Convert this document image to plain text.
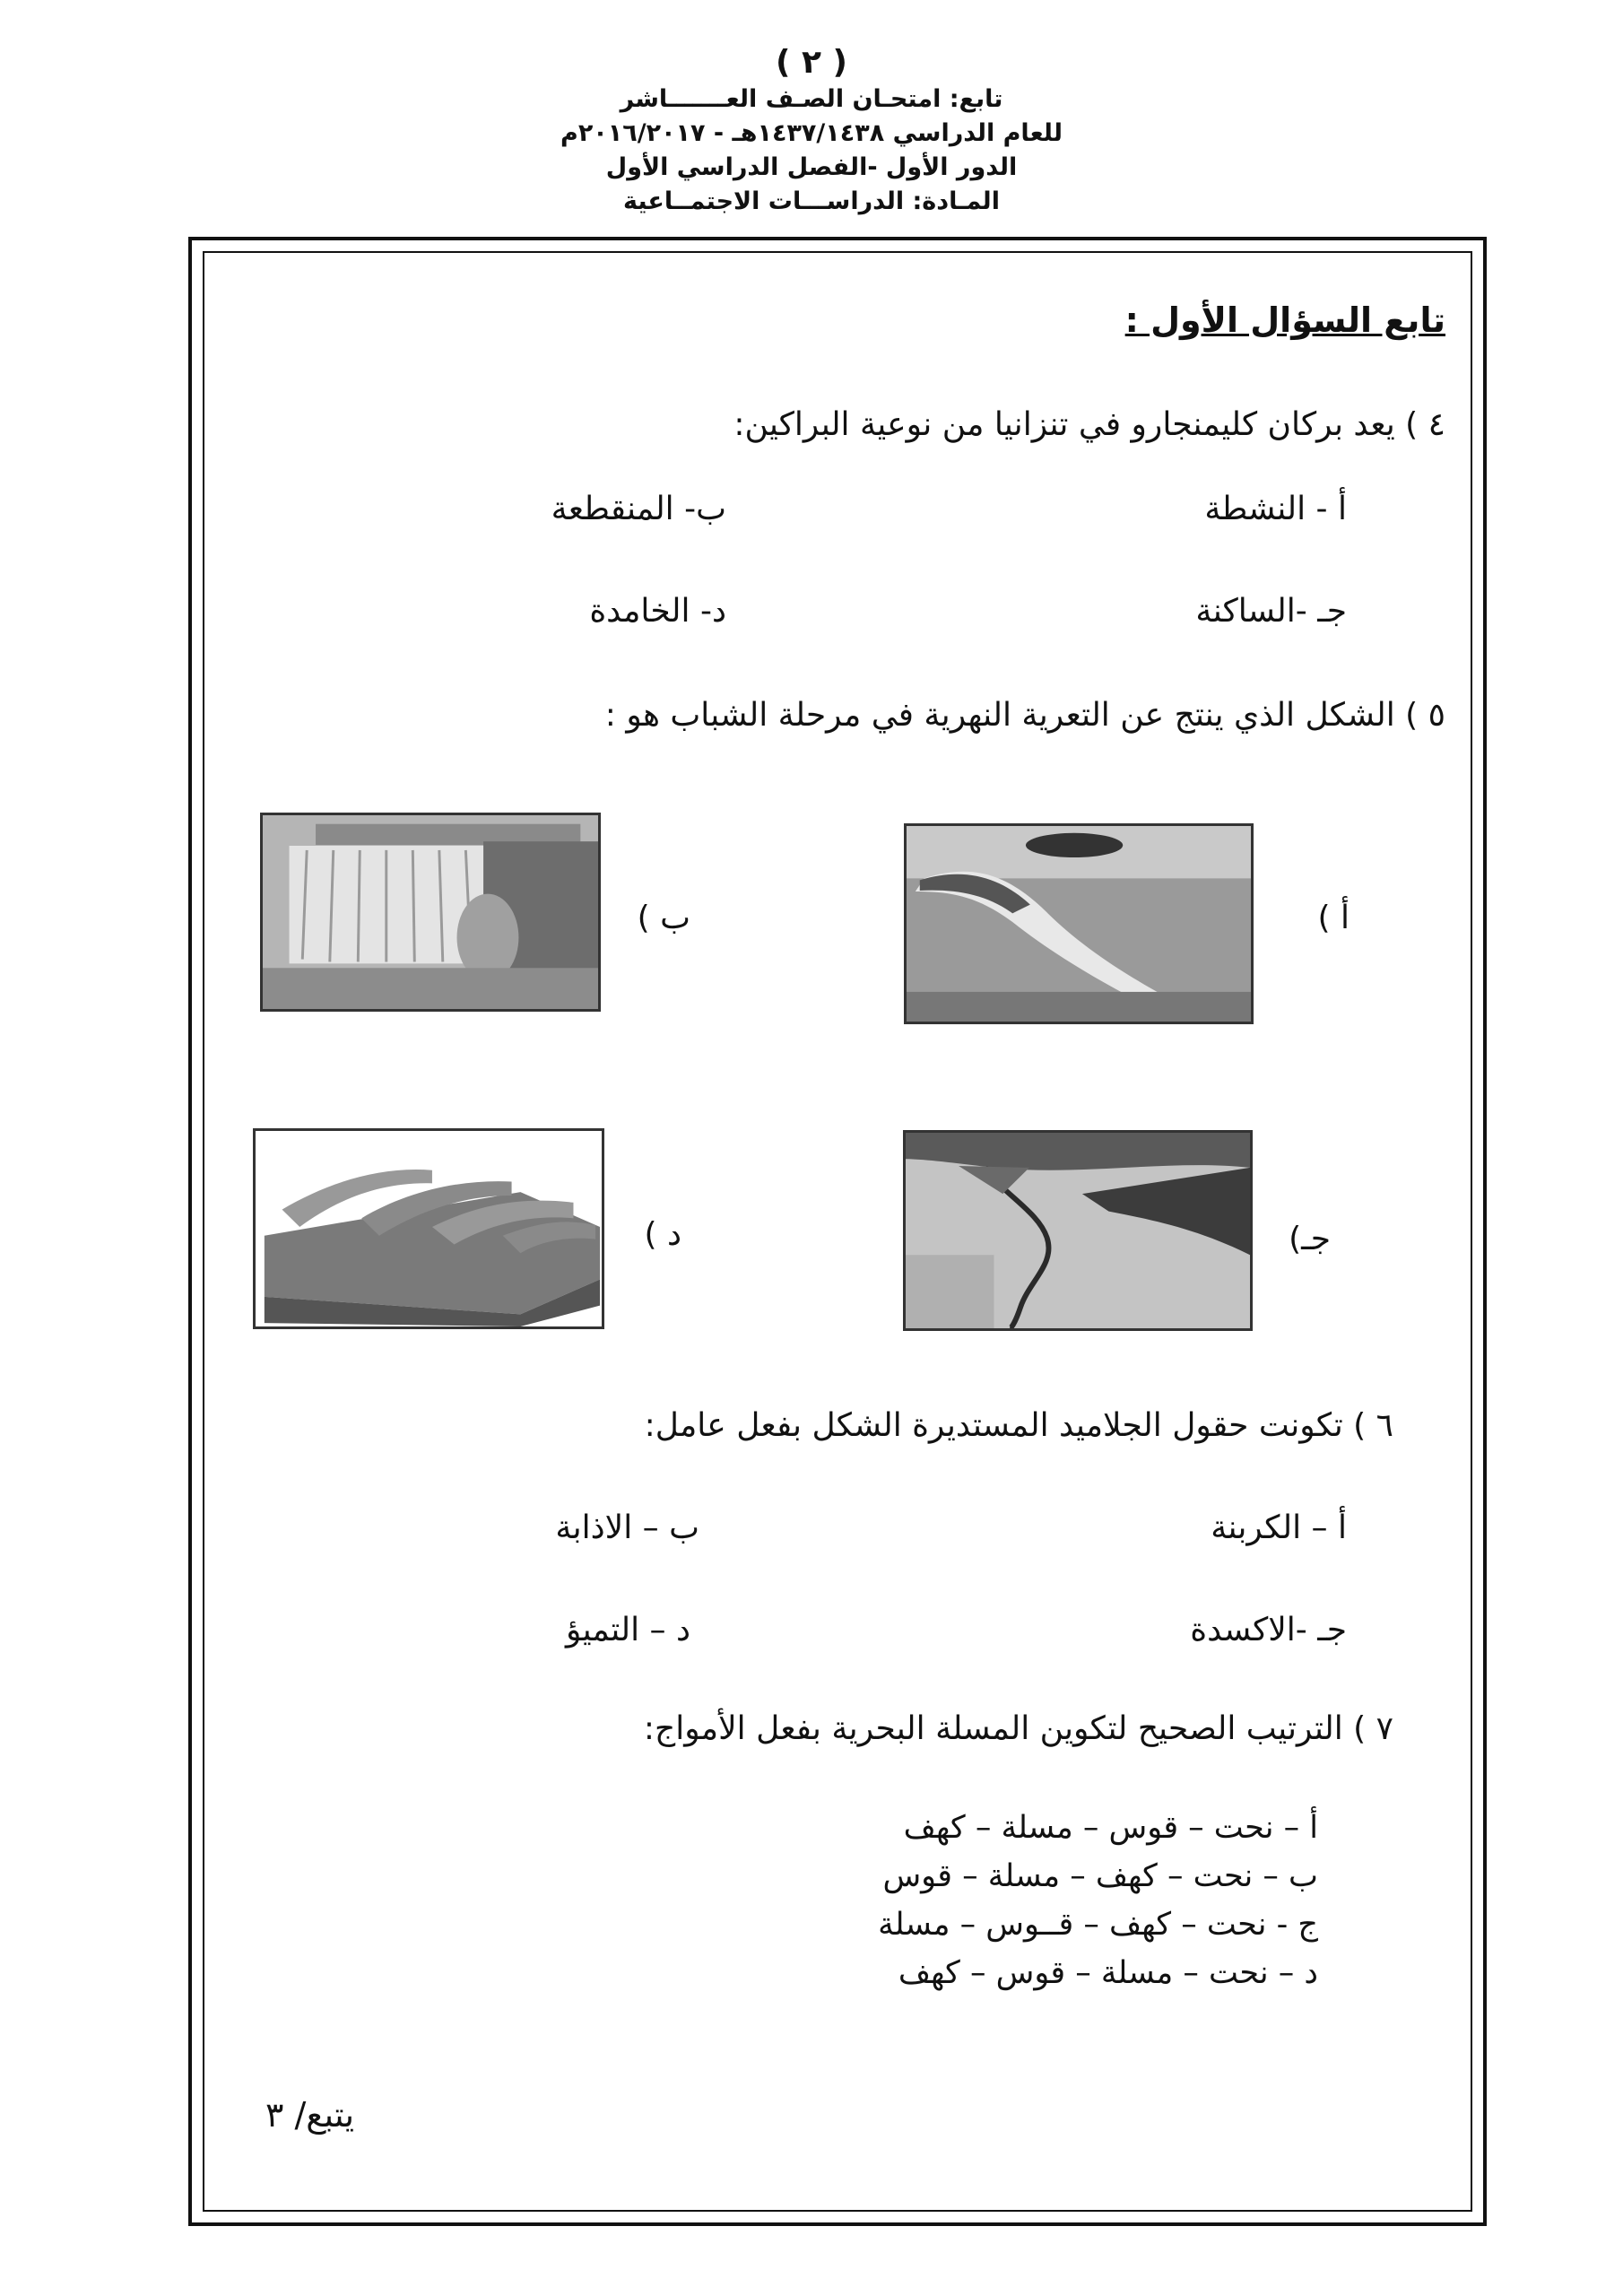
( ٢ )
تابع: امتحـان الصـف العـــــــاشر
للعام الدراسي ١٤٣٧/١٤٣٨هـ - ٢٠١٦/٢٠١٧م
الدور الأول -الفصل الدراسي الأول
المـادة: الدراســـات الاجتمــاعية
تابع السؤال الأول :
٤ ) يعد بركان كليمنجارو في تنزانيا من نوعية البراكين:
أ - النشطة
ب- المنقطعة
جـ -الساكنة
د- الخامدة
٥ ) الشكل الذي ينتج عن التعرية النهرية في مرحلة الشباب هو :
أ )
ب )
جـ)
د )
٦ ) تكونت حقول الجلاميد المستديرة الشكل بفعل عامل:
أ – الكربنة
ب – الاذابة
جـ -الاكسدة
د – التميؤ
٧ ) الترتيب الصحيح لتكوين المسلة البحرية بفعل الأمواج:
أ – نحت – قوس – مسلة – كهف
ب – نحت – كهف – مسلة – قوس
ج - نحت – كهف – قــوس – مسلة
د – نحت – مسلة – قوس – كهف
يتبع/ ٣
